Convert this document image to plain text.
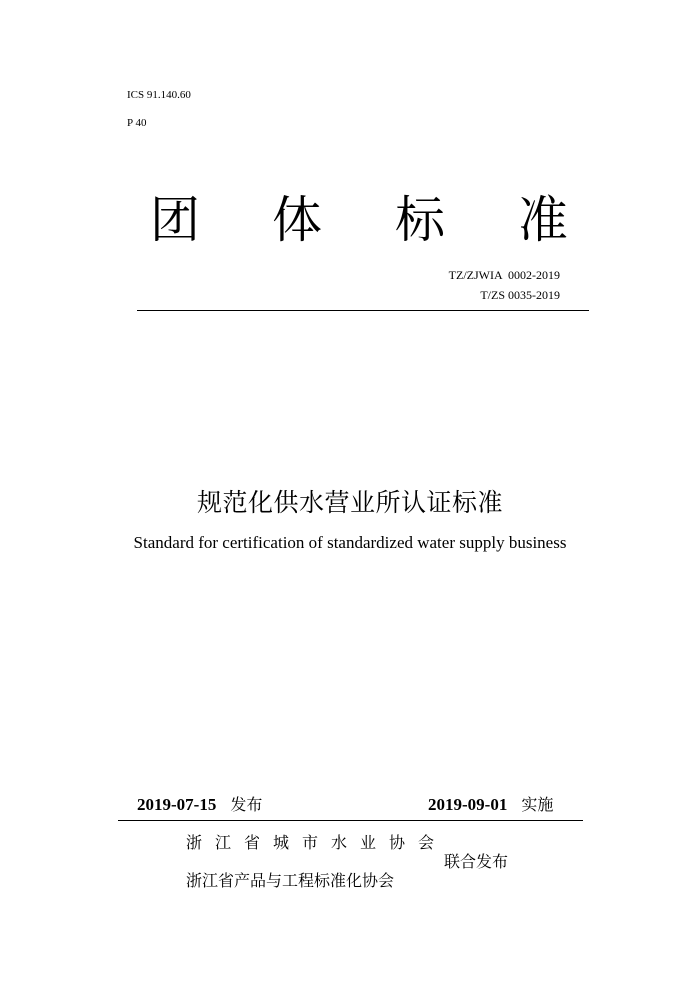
ICS 91.140.60
P 40
团 体 标 准
TZ/ZJWIA  0002-2019
T/ZS 0035-2019
规范化供水营业所认证标准
Standard for certification of standardized water supply business
2019-07-15 发布	2019-09-01 实施
浙江省城市水业协会
浙江省产品与工程标准化协会
联合发布
